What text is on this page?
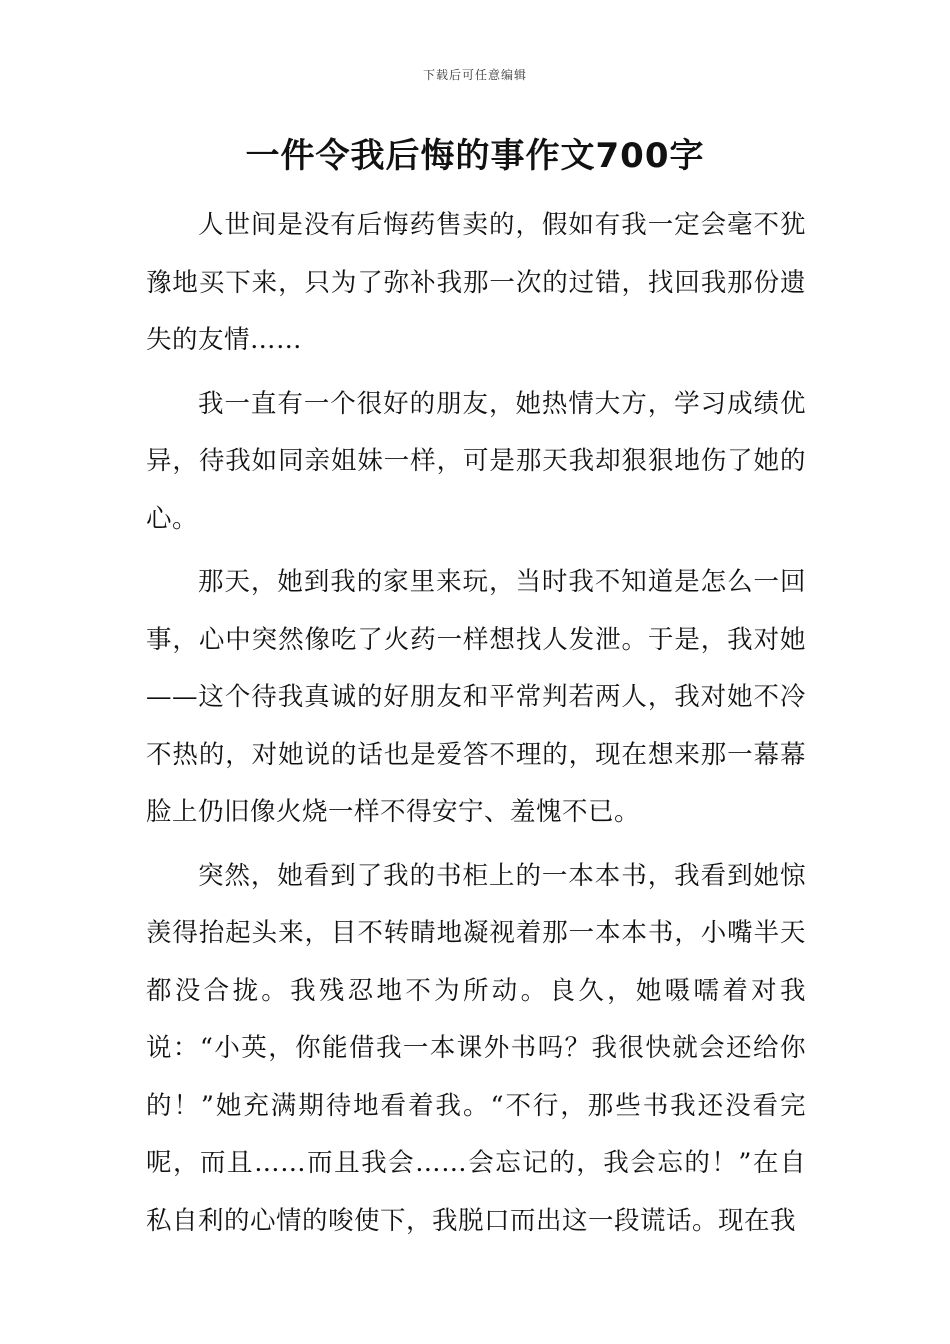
下载后可任意编辑
一件令我后悔的事作文700字

人世间是没有后悔药售卖的，假如有我一定会毫不犹豫地买下来，只为了弥补我那一次的过错，找回我那份遗失的友情……

我一直有一个很好的朋友，她热情大方，学习成绩优异，待我如同亲姐妹一样，可是那天我却狠狠地伤了她的心。

那天，她到我的家里来玩，当时我不知道是怎么一回事，心中突然像吃了火药一样想找人发泄。于是，我对她——这个待我真诚的好朋友和平常判若两人，我对她不冷不热的，对她说的话也是爱答不理的，现在想来那一幕幕脸上仍旧像火烧一样不得安宁、羞愧不已。

突然，她看到了我的书柜上的一本本书，我看到她惊羡得抬起头来，目不转睛地凝视着那一本本书，小嘴半天都没合拢。我残忍地不为所动。良久，她嗫嚅着对我说：“小英，你能借我一本课外书吗？我很快就会还给你的！”她充满期待地看着我。“不行，那些书我还没看完呢，而且……而且我会……会忘记的，我会忘的！”在自私自利的心情的唆使下，我脱口而出这一段谎话。现在我
